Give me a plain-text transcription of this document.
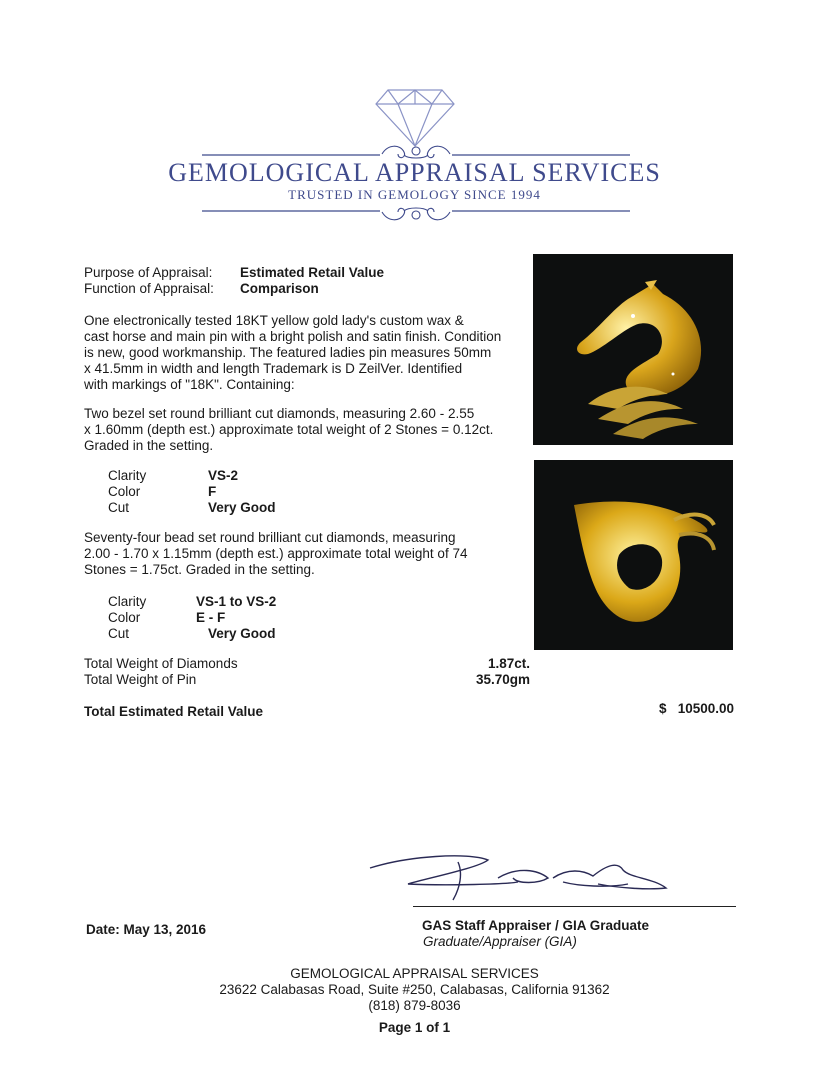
GEMOLOGICAL APPRAISAL SERVICES
TRUSTED IN GEMOLOGY SINCE 1994
Purpose of Appraisal: Estimated Retail Value
Function of Appraisal: Comparison
One electronically tested 18KT yellow gold lady's custom wax &
cast horse and main pin with a bright polish and satin finish. Condition
is new, good workmanship. The featured ladies pin measures 50mm
x 41.5mm in width and length Trademark is D ZeilVer. Identified
with markings of "18K". Containing:
Two bezel set round brilliant cut diamonds, measuring 2.60 - 2.55
x 1.60mm (depth est.) approximate total weight of 2 Stones = 0.12ct.
Graded in the setting.
Clarity	VS-2
Color	F
Cut	Very Good
Seventy-four bead set round brilliant cut diamonds, measuring
2.00 - 1.70 x 1.15mm (depth est.) approximate total weight of 74
Stones = 1.75ct. Graded in the setting.
Clarity	VS-1 to VS-2
Color	E - F
Cut	Very Good
Total Weight of Diamonds	1.87ct.
Total Weight of Pin	35.70gm
Total Estimated Retail Value	$ 10500.00
Date: May 13, 2016	GAS Staff Appraiser / GIA Graduate
Graduate/Appraiser (GIA)
GEMOLOGICAL APPRAISAL SERVICES
23622 Calabasas Road, Suite #250, Calabasas, California 91362
(818) 879-8036
Page 1 of 1
